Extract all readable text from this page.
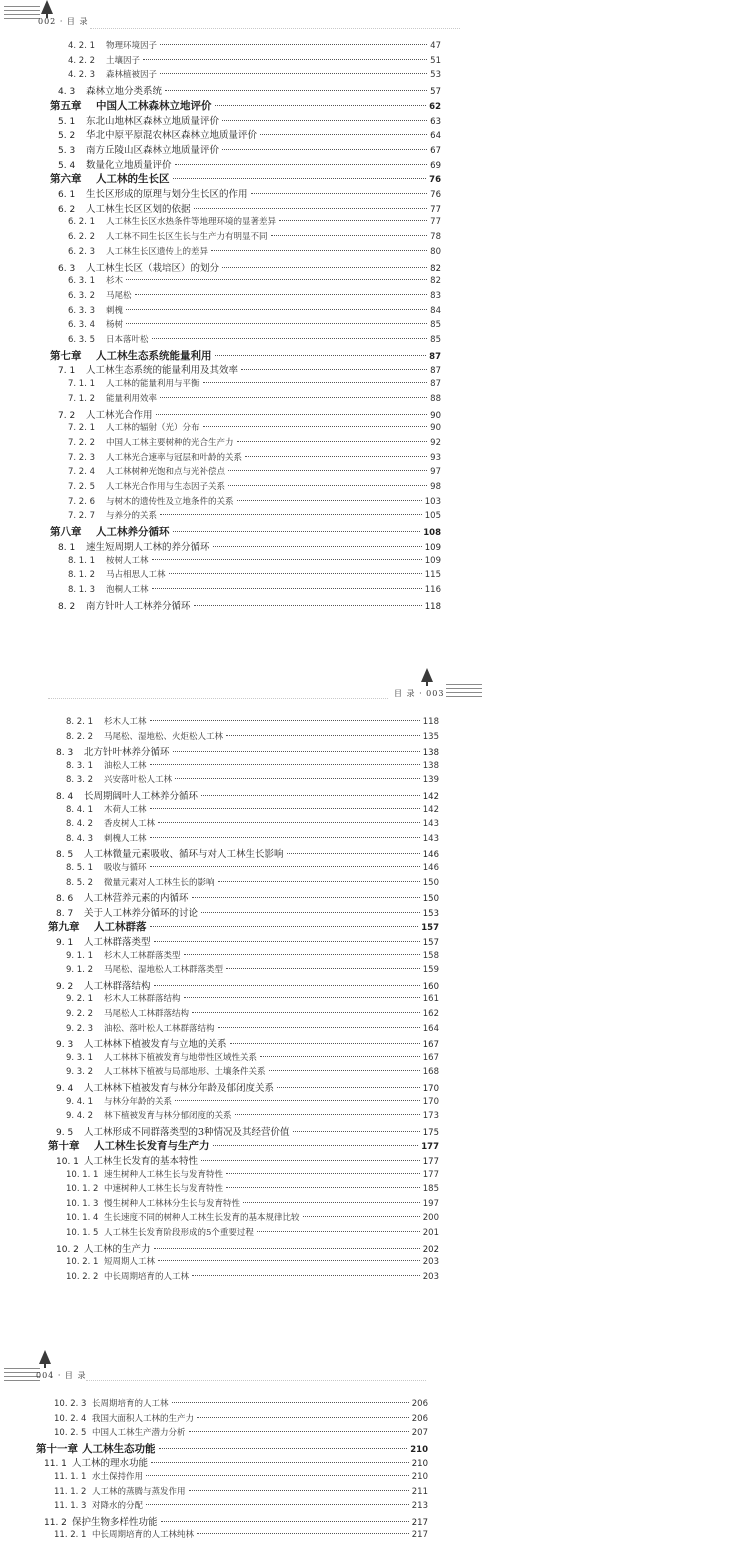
002 · 目 录
4. 2. 1	物理环境因子	47
4. 2. 2	土壤因子	51
4. 2. 3	森林植被因子	53
4. 3	森林立地分类系统	57
第五章	中国人工林森林立地评价	62
5. 1	东北山地林区森林立地质量评价	63
5. 2	华北中原平原混农林区森林立地质量评价	64
5. 3	南方丘陵山区森林立地质量评价	67
5. 4	数量化立地质量评价	69
第六章	人工林的生长区	76
6. 1	生长区形成的原理与划分生长区的作用	76
6. 2	人工林生长区区划的依据	77
6. 2. 1	人工林生长区水热条件等地理环境的显著差异	77
6. 2. 2	人工林不同生长区生长与生产力有明显不同	78
6. 2. 3	人工林生长区遗传上的差异	80
6. 3	人工林生长区（栽培区）的划分	82
6. 3. 1	杉木	82
6. 3. 2	马尾松	83
6. 3. 3	刺槐	84
6. 3. 4	杨树	85
6. 3. 5	日本落叶松	85
第七章	人工林生态系统能量利用	87
7. 1	人工林生态系统的能量利用及其效率	87
7. 1. 1	人工林的能量利用与平衡	87
7. 1. 2	能量利用效率	88
7. 2	人工林光合作用	90
7. 2. 1	人工林的辐射（光）分布	90
7. 2. 2	中国人工林主要树种的光合生产力	92
7. 2. 3	人工林光合速率与冠层和叶龄的关系	93
7. 2. 4	人工林树种光饱和点与光补偿点	97
7. 2. 5	人工林光合作用与生态因子关系	98
7. 2. 6	与树木的遗传性及立地条件的关系	103
7. 2. 7	与养分的关系	105
第八章	人工林养分循环	108
8. 1	速生短周期人工林的养分循环	109
8. 1. 1	桉树人工林	109
8. 1. 2	马占相思人工林	115
8. 1. 3	泡桐人工林	116
8. 2	南方针叶人工林养分循环	118
目 录 · 003
8. 2. 1	杉木人工林	118
8. 2. 2	马尾松、湿地松、火炬松人工林	135
8. 3	北方针叶林养分循环	138
8. 3. 1	油松人工林	138
8. 3. 2	兴安落叶松人工林	139
8. 4	长周期阔叶人工林养分循环	142
8. 4. 1	木荷人工林	142
8. 4. 2	香皮树人工林	143
8. 4. 3	刺槐人工林	143
8. 5	人工林微量元素吸收、循环与对人工林生长影响	146
8. 5. 1	吸收与循环	146
8. 5. 2	微量元素对人工林生长的影响	150
8. 6	人工林营养元素的内循环	150
8. 7	关于人工林养分循环的讨论	153
第九章	人工林群落	157
9. 1	人工林群落类型	157
9. 1. 1	杉木人工林群落类型	158
9. 1. 2	马尾松、湿地松人工林群落类型	159
9. 2	人工林群落结构	160
9. 2. 1	杉木人工林群落结构	161
9. 2. 2	马尾松人工林群落结构	162
9. 2. 3	油松、落叶松人工林群落结构	164
9. 3	人工林林下植被发育与立地的关系	167
9. 3. 1	人工林林下植被发育与地带性区域性关系	167
9. 3. 2	人工林林下植被与局部地形、土壤条件关系	168
9. 4	人工林林下植被发育与林分年龄及郁闭度关系	170
9. 4. 1	与林分年龄的关系	170
9. 4. 2	林下植被发育与林分郁闭度的关系	173
9. 5	人工林形成不同群落类型的3种情况及其经营价值	175
第十章	人工林生长发育与生产力	177
10. 1 人工林生长发育的基本特性	177
10. 1. 1 速生树种人工林生长与发育特性	177
10. 1. 2 中速树种人工林生长与发育特性	185
10. 1. 3 慢生树种人工林林分生长与发育特性	197
10. 1. 4 生长速度不同的树种人工林生长发育的基本规律比较	200
10. 1. 5 人工林生长发育阶段形成的5个重要过程	201
10. 2 人工林的生产力	202
10. 2. 1 短周期人工林	203
10. 2. 2 中长周期培育的人工林	203
004 · 目 录
10. 2. 3 长周期培育的人工林	206
10. 2. 4 我国大面积人工林的生产力	206
10. 2. 5 中国人工林生产潜力分析	207
第十一章 人工林生态功能	210
11. 1 人工林的理水功能	210
11. 1. 1 水土保持作用	210
11. 1. 2 人工林的蒸腾与蒸发作用	211
11. 1. 3 对降水的分配	213
11. 2 保护生物多样性功能	217
11. 2. 1 中长周期培育的人工林纯林	217
